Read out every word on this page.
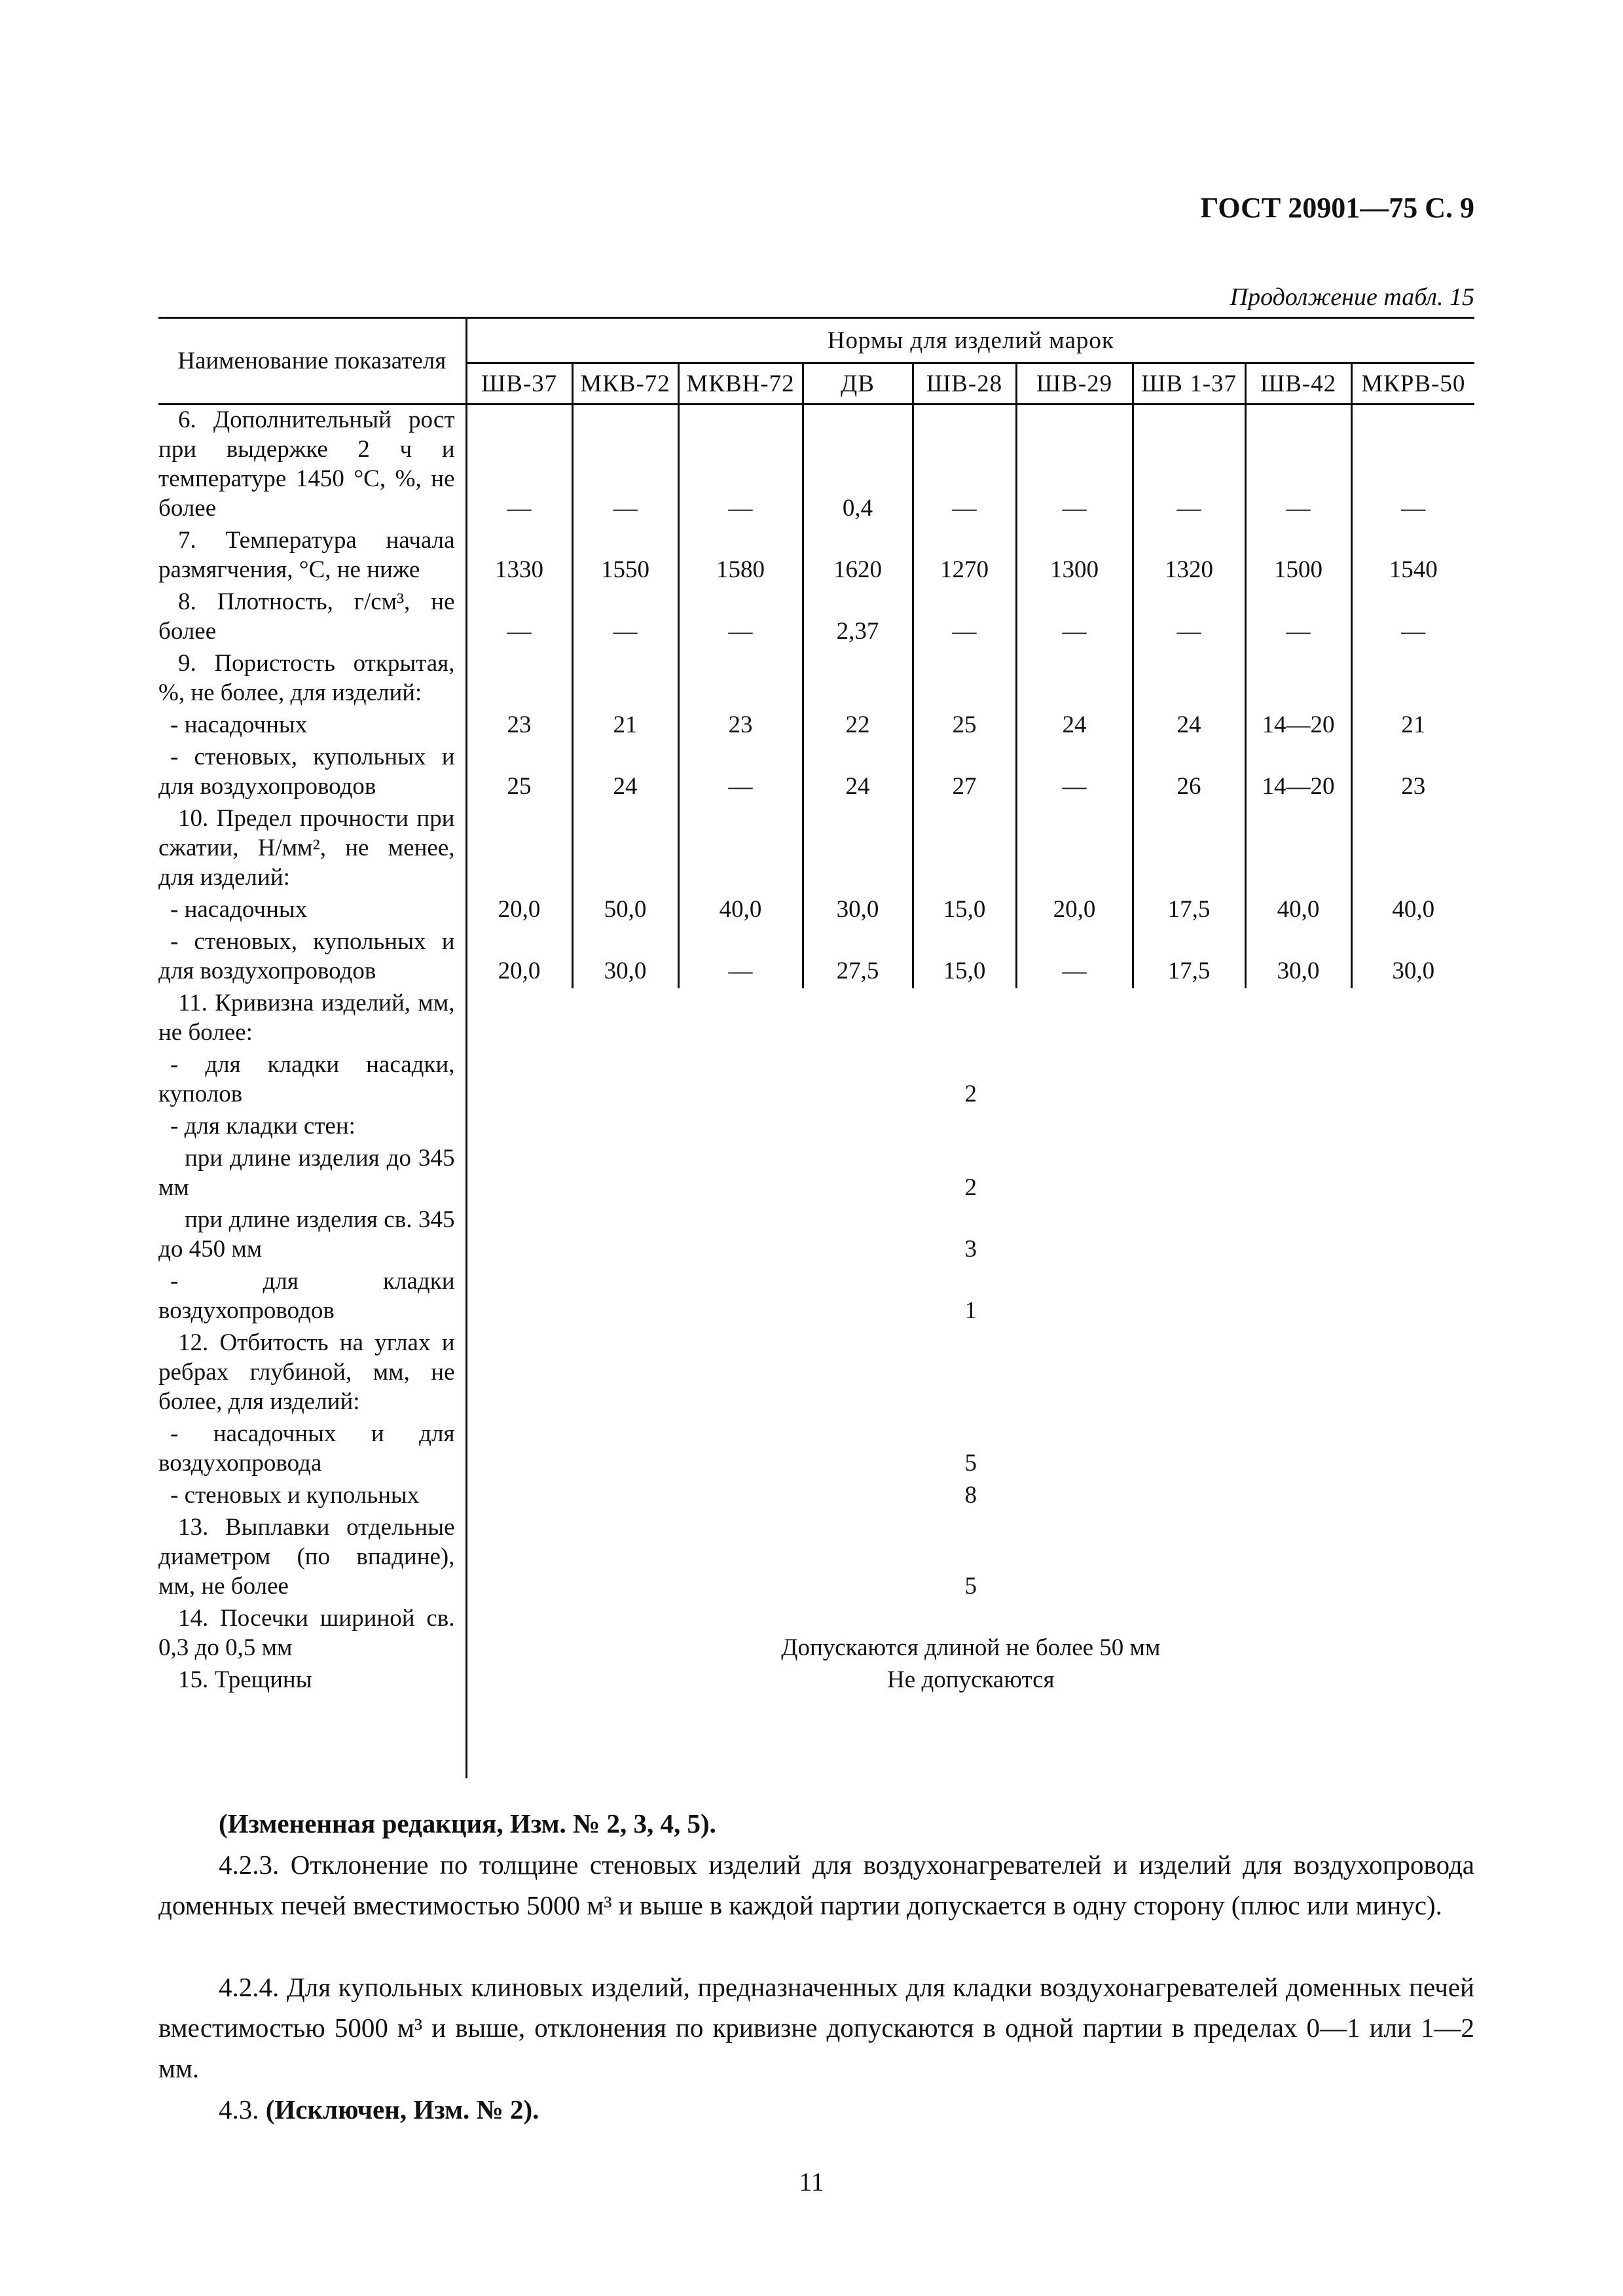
ГОСТ 20901—75 С. 9
Продолжение табл. 15
Наименование показателя	Нормы для изделий марок								
	ШВ-37	МКВ-72	МКВН-72	ДВ	ШВ-28	ШВ-29	ШВ 1-37	ШВ-42	МКРВ-50

6. Дополнительный рост при выдержке 2 ч и температуре 1450 °С, %, не более	—	—	—	0,4	—	—	—	—	—

7. Температура начала размягчения, °С, не ниже	1330	1550	1580	1620	1270	1300	1320	1500	1540

8. Плотность, г/см³, не более	—	—	—	2,37	—	—	—	—	—

9. Пористость открытая, %, не более, для изделий:									

- насадочных	23	21	23	22	25	24	24	14—20	21

- стеновых, купольных и для воздухопроводов	25	24	—	24	27	—	26	14—20	23

10. Предел прочности при сжатии, Н/мм², не менее, для изделий:									

- насадочных	20,0	50,0	40,0	30,0	15,0	20,0	17,5	40,0	40,0

- стеновых, купольных и для воздухопроводов	20,0	30,0	—	27,5	15,0	—	17,5	30,0	30,0

11. Кривизна изделий, мм, не более:									

- для кладки насадки, куполов	2								

- для кладки стен:									

при длине изделия до 345 мм	2								

при длине изделия св. 345 до 450 мм	3								

- для кладки воздухопроводов	1								

12. Отбитость на углах и ребрах глубиной, мм, не более, для изделий:									

- насадочных и для воздухопровода	5								

- стеновых и купольных	8								

13. Выплавки отдельные диаметром (по впадине), мм, не более	5								

14. Посечки шириной св. 0,3 до 0,5 мм	Допускаются длиной не более 50 мм								

15. Трещины	Не допускаются								

(Измененная редакция, Изм. № 2, 3, 4, 5).
4.2.3. Отклонение по толщине стеновых изделий для воздухонагревателей и изделий для воздухопровода доменных печей вместимостью 5000 м³ и выше в каждой партии допускается в одну сторону (плюс или минус).
4.2.4. Для купольных клиновых изделий, предназначенных для кладки воздухонагревателей доменных печей вместимостью 5000 м³ и выше, отклонения по кривизне допускаются в одной партии в пределах 0—1 или 1—2 мм.
4.3. (Исключен, Изм. № 2).
11
